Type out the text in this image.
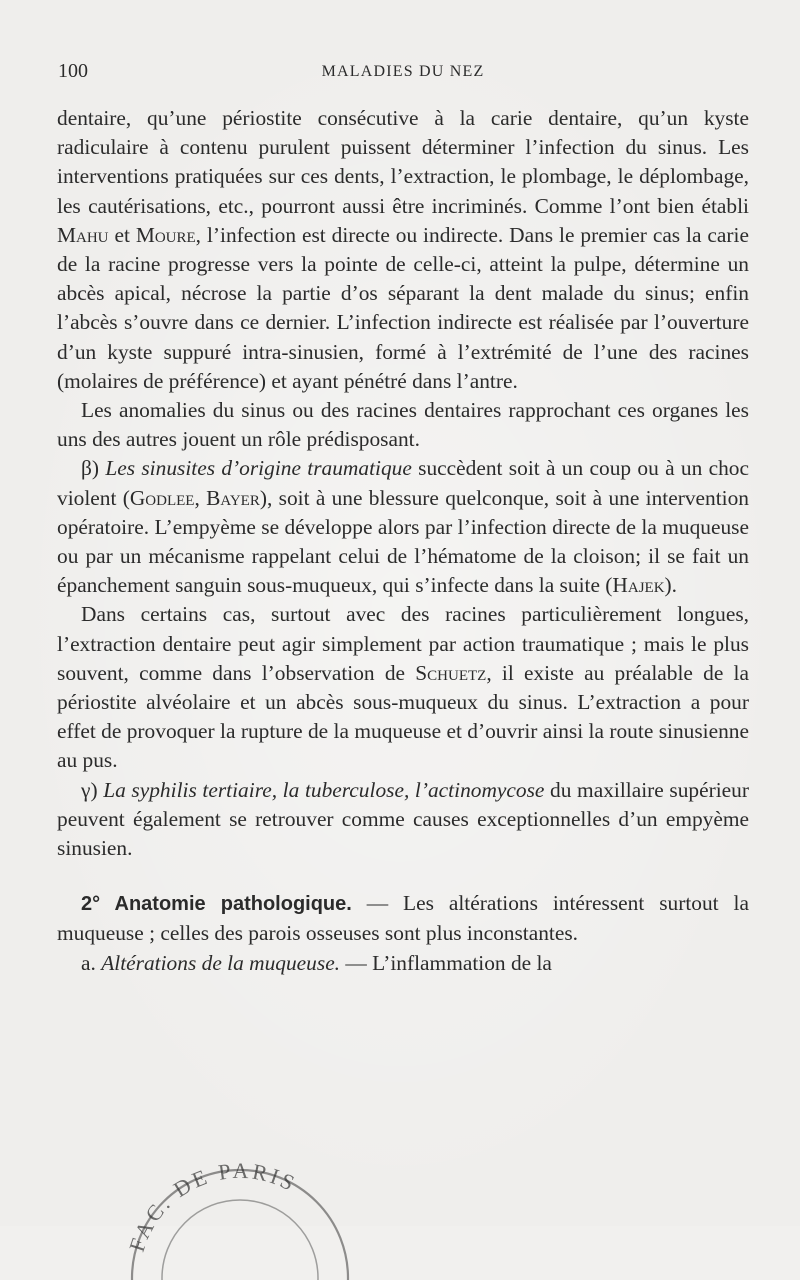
100	MALADIES DU NEZ

dentaire, qu’une périostite consécutive à la carie dentaire, qu’un kyste radiculaire à contenu purulent puissent déterminer l’infection du sinus. Les interventions pratiquées sur ces dents, l’extraction, le plombage, le déplombage, les cautérisations, etc., pourront aussi être incriminés. Comme l’ont bien établi Mahu et Moure, l’infection est directe ou indirecte. Dans le premier cas la carie de la racine progresse vers la pointe de celle-ci, atteint la pulpe, détermine un abcès apical, nécrose la partie d’os séparant la dent malade du sinus; enfin l’abcès s’ouvre dans ce dernier. L’infection indirecte est réalisée par l’ouverture d’un kyste suppuré intra-sinusien, formé à l’extrémité de l’une des racines (molaires de préférence) et ayant pénétré dans l’antre.

Les anomalies du sinus ou des racines dentaires rapprochant ces organes les uns des autres jouent un rôle prédisposant.

β) Les sinusites d’origine traumatique succèdent soit à un coup ou à un choc violent (Godlee, Bayer), soit à une blessure quelconque, soit à une intervention opératoire. L’empyème se développe alors par l’infection directe de la muqueuse ou par un mécanisme rappelant celui de l’hématome de la cloison; il se fait un épanchement sanguin sous-muqueux, qui s’infecte dans la suite (Hajek).

Dans certains cas, surtout avec des racines particulièrement longues, l’extraction dentaire peut agir simplement par action traumatique ; mais le plus souvent, comme dans l’observation de Schuetz, il existe au préalable de la périostite alvéolaire et un abcès sous-muqueux du sinus. L’extraction a pour effet de provoquer la rupture de la muqueuse et d’ouvrir ainsi la route sinusienne au pus.

γ) La syphilis tertiaire, la tuberculose, l’actinomycose du maxillaire supérieur peuvent également se retrouver comme causes exceptionnelles d’un empyème sinusien.

2° Anatomie pathologique. — Les altérations intéressent surtout la muqueuse ; celles des parois osseuses sont plus inconstantes.

a. Altérations de la muqueuse. — L’inflammation de la

FAC. DE PARIS
